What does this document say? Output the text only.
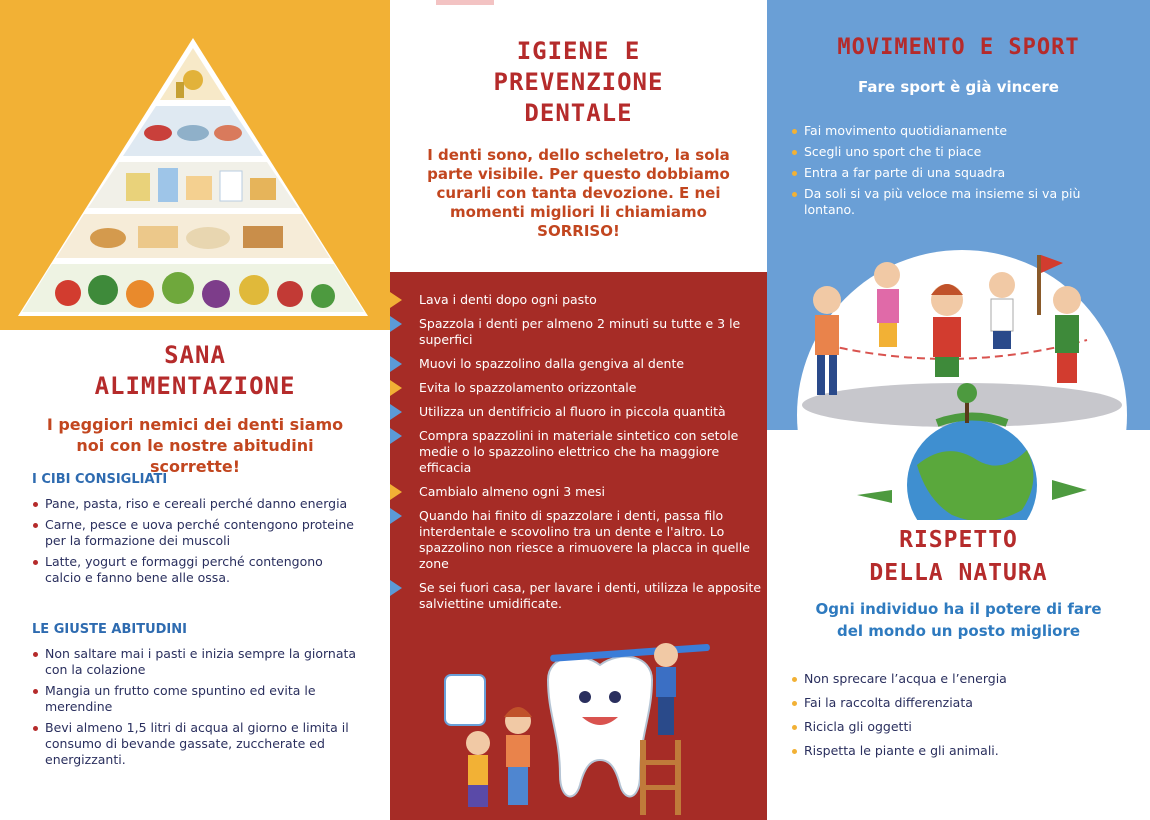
SANA
ALIMENTAZIONE
I peggiori nemici dei denti siamo noi con le nostre abitudini scorrette!
I CIBI CONSIGLIATI
Pane, pasta, riso e cereali perché danno energia
Carne, pesce e uova perché contengono proteine per la formazione dei muscoli
Latte, yogurt e formaggi perché contengono calcio e fanno bene alle ossa.
LE GIUSTE ABITUDINI
Non saltare mai i pasti e inizia sempre la giornata con la colazione
Mangia un frutto come spuntino ed evita le merendine
Bevi almeno 1,5 litri di acqua al giorno e limita il consumo di bevande gassate, zuccherate ed energizzanti.
IGIENE E
PREVENZIONE
DENTALE
I denti sono, dello scheletro, la sola parte visibile. Per questo dobbiamo curarli con tanta devozione. E nei momenti migliori li chiamiamo SORRISO!
Lava i denti dopo ogni pasto
Spazzola i denti per almeno 2 minuti su tutte e 3 le superfici
Muovi lo spazzolino dalla gengiva al dente
Evita lo spazzolamento orizzontale
Utilizza un dentifricio al fluoro in piccola quantità
Compra spazzolini in materiale sintetico con setole medie o lo spazzolino elettrico che ha maggiore efficacia
Cambialo almeno ogni 3 mesi
Quando hai finito di spazzolare i denti, passa filo interdentale e scovolino tra un dente e l'altro. Lo spazzolino non riesce a rimuovere la placca in quelle zone
Se sei fuori casa, per lavare i denti, utilizza le apposite salviettine umidificate.
MOVIMENTO E SPORT
Fare sport è già vincere
Fai movimento quotidianamente
Scegli uno sport che ti piace
Entra a far parte di una squadra
Da soli si va più veloce ma insieme si va più lontano.
RISPETTO
DELLA NATURA
Ogni individuo ha il potere di fare del mondo un posto migliore
Non sprecare l’acqua e l’energia
Fai la raccolta differenziata
Ricicla gli oggetti
Rispetta le piante e gli animali.
